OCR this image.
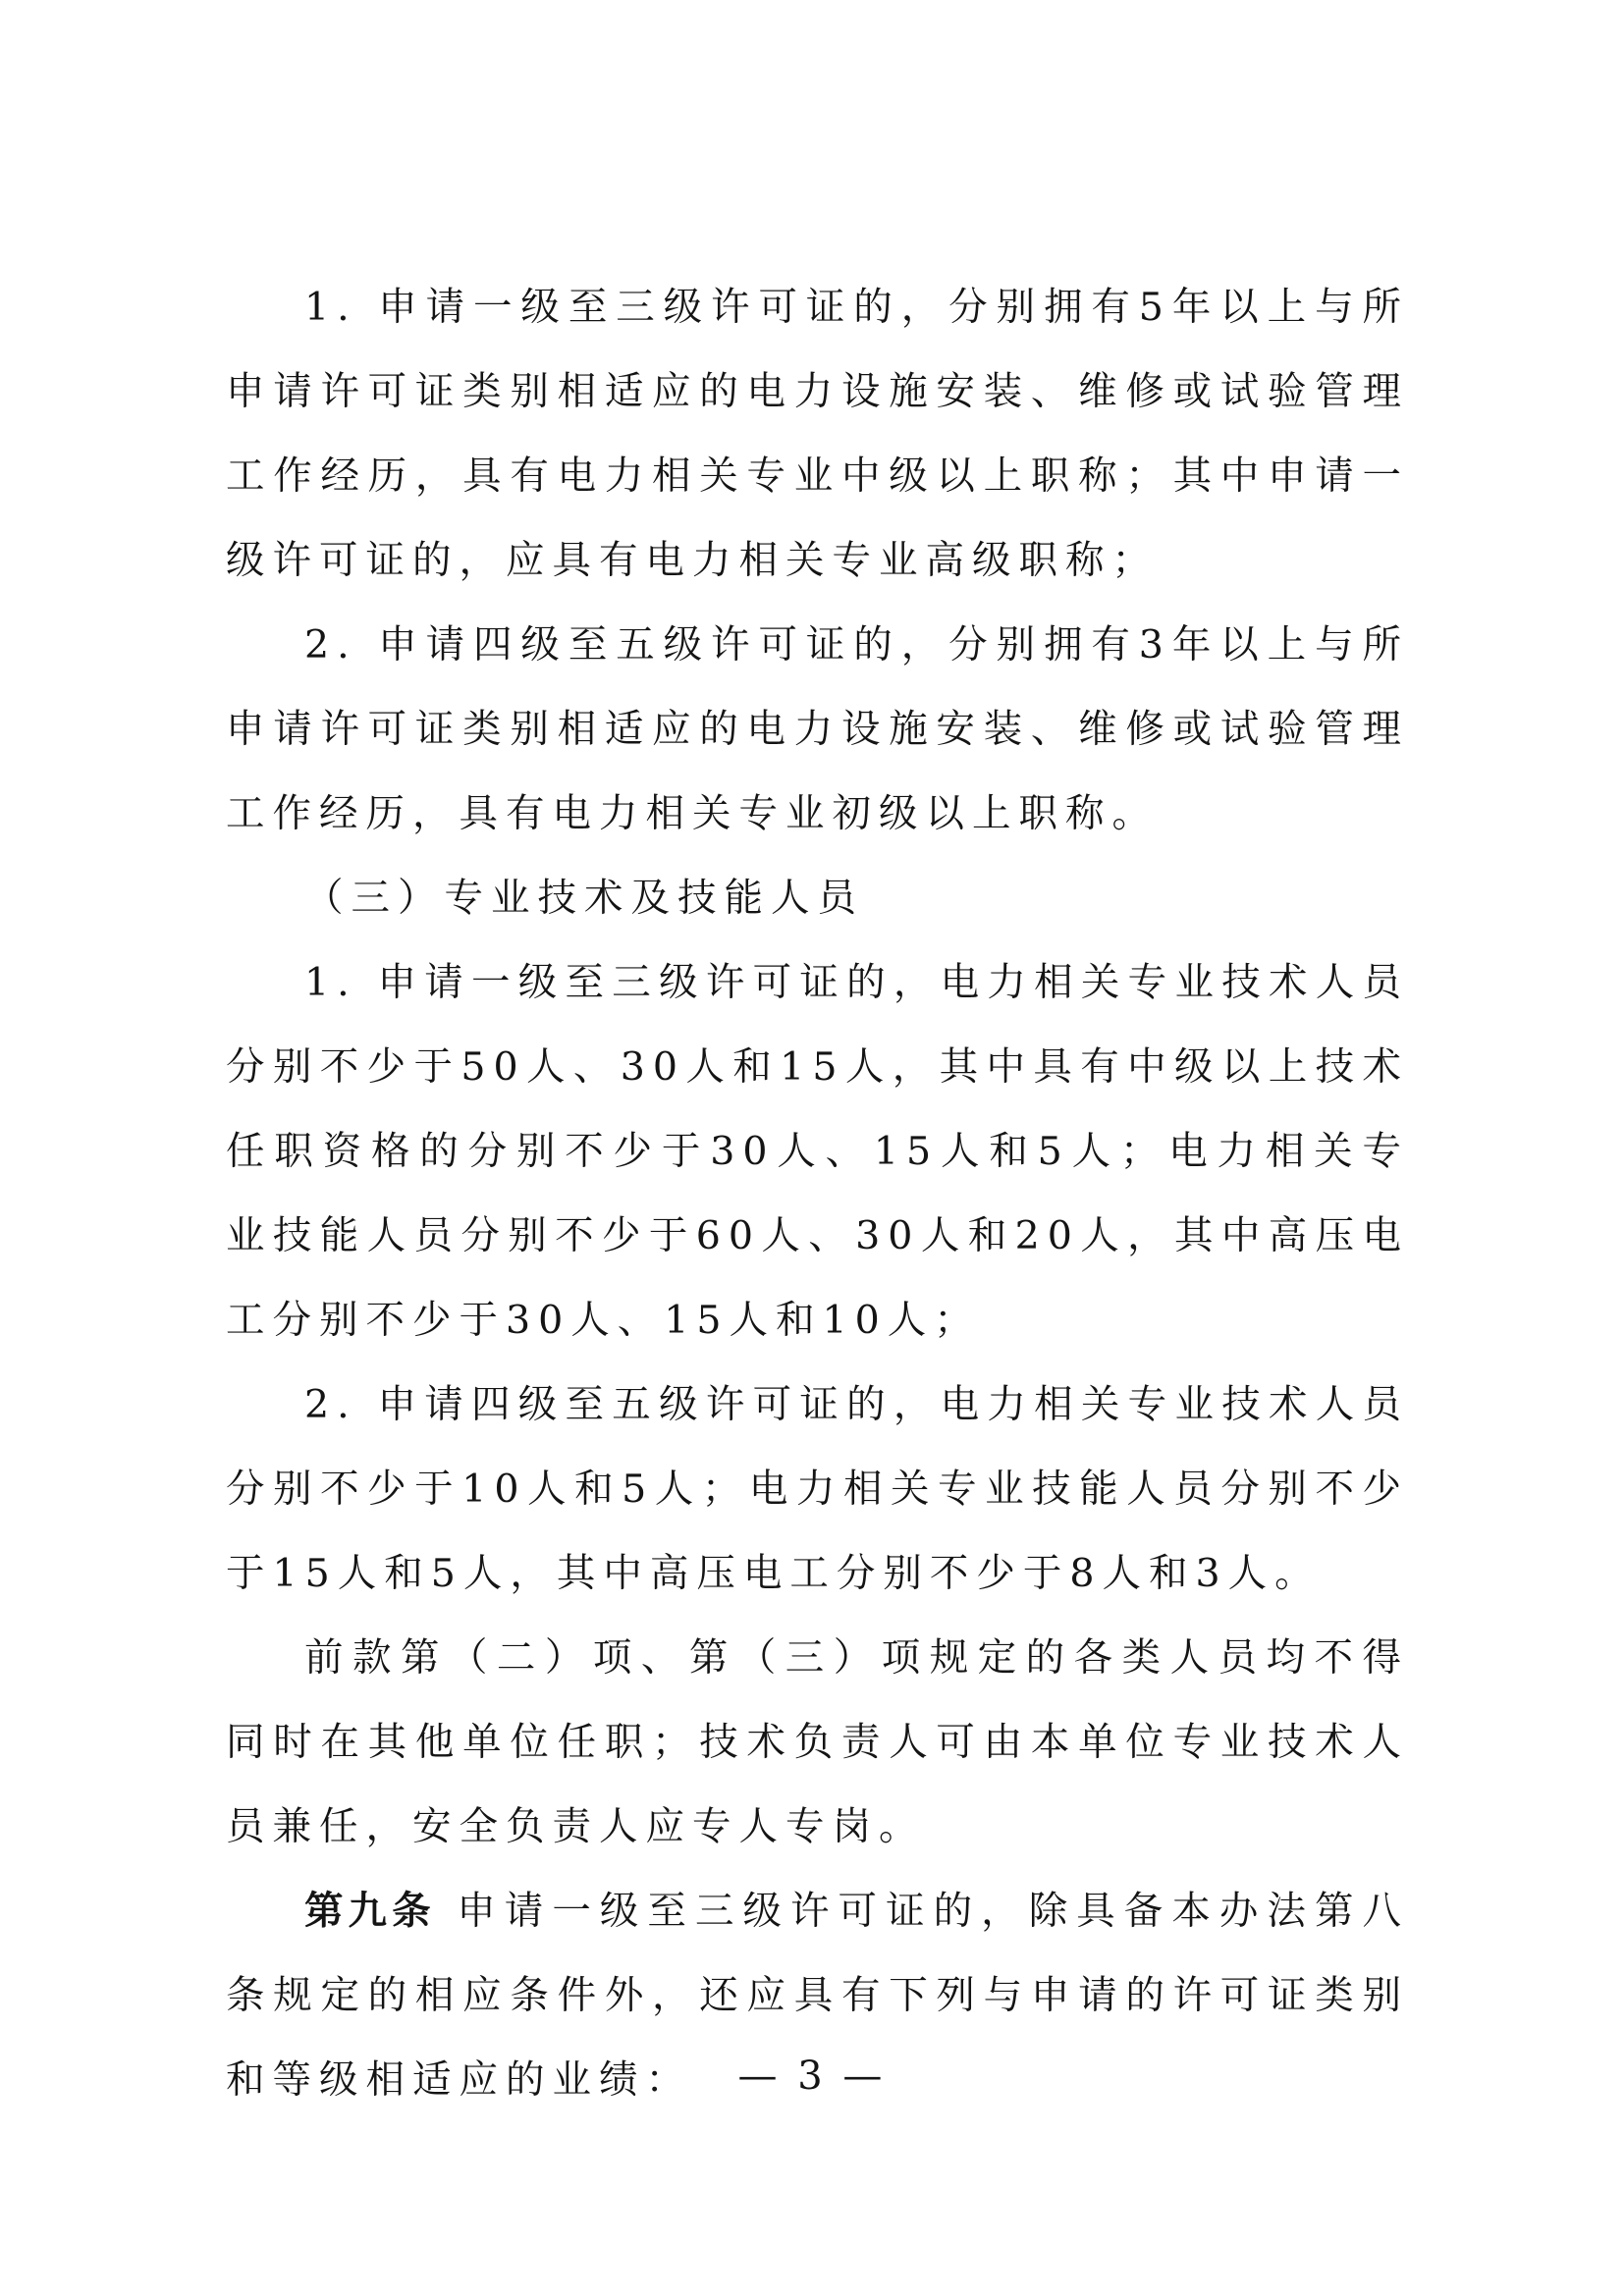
1. 申请一级至三级许可证的，分别拥有5年以上与所申请许可证类别相适应的电力设施安装、维修或试验管理工作经历，具有电力相关专业中级以上职称；其中申请一级许可证的，应具有电力相关专业高级职称；

2. 申请四级至五级许可证的，分别拥有3年以上与所申请许可证类别相适应的电力设施安装、维修或试验管理工作经历，具有电力相关专业初级以上职称。

（三）专业技术及技能人员

1. 申请一级至三级许可证的，电力相关专业技术人员分别不少于50人、30人和15人，其中具有中级以上技术任职资格的分别不少于30人、15人和5人；电力相关专业技能人员分别不少于60人、30人和20人，其中高压电工分别不少于30人、15人和10人；

2. 申请四级至五级许可证的，电力相关专业技术人员分别不少于10人和5人；电力相关专业技能人员分别不少于15人和5人，其中高压电工分别不少于8人和3人。

前款第（二）项、第（三）项规定的各类人员均不得同时在其他单位任职；技术负责人可由本单位专业技术人员兼任，安全负责人应专人专岗。

第九条 申请一级至三级许可证的，除具备本办法第八条规定的相应条件外，还应具有下列与申请的许可证类别和等级相适应的业绩：	— 3 —
